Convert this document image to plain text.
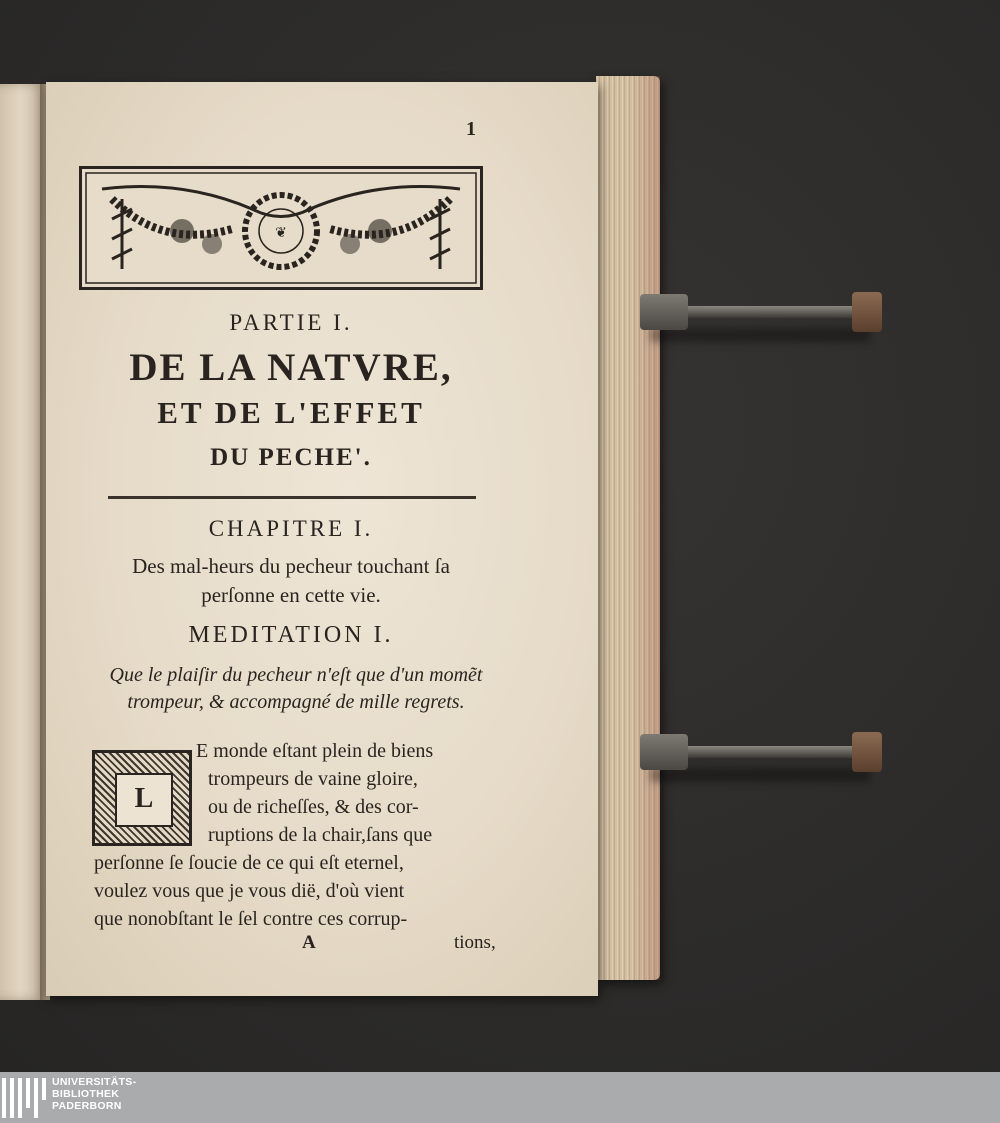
1
❦
PARTIE I.
DE LA NATVRE,
ET DE L'EFFET
DU PECHE'.
CHAPITRE I.
Des mal-heurs du pecheur touchant ſa
perſonne en cette vie.
MEDITATION I.
Que le plaiſir du pecheur n'eſt que d'un momẽt
trompeur, & accompagné de mille regrets.
L
E monde eſtant plein de biens
trompeurs de vaine gloire,
ou de richeſſes, & des cor-
ruptions de la chair,ſans que
perſonne ſe ſoucie de ce qui eſt eternel,
voulez vous que je vous dië, d'où vient
que nonobſtant le ſel contre ces corrup-
A	tions,
UNIVERSITÄTS-
BIBLIOTHEK
PADERBORN
